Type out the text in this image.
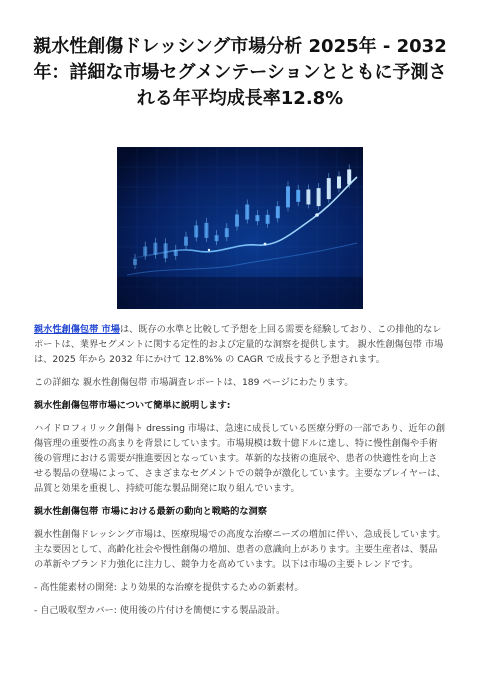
親水性創傷ドレッシング市場分析 2025年 - 2032年：詳細な市場セグメンテーションとともに予測される年平均成長率12.8%

親水性創傷包帯 市場は、既存の水準と比較して予想を上回る需要を経験しており、この排他的なレポートは、業界セグメントに関する定性的および定量的な洞察を提供します。 親水性創傷包帯 市場は、2025 年から 2032 年にかけて 12.8%% の CAGR で成長すると予想されます。

この詳細な 親水性創傷包帯 市場調査レポートは、189 ページにわたります。

親水性創傷包帯市場について簡単に説明します:

ハイドロフィリック創傷ト dressing 市場は、急速に成長している医療分野の一部であり、近年の創傷管理の重要性の高まりを背景にしています。市場規模は数十億ドルに達し、特に慢性創傷や手術後の管理における需要が推進要因となっています。革新的な技術の進展や、患者の快適性を向上させる製品の登場によって、さまざまなセグメントでの競争が激化しています。主要なプレイヤーは、品質と効果を重視し、持続可能な製品開発に取り組んでいます。

親水性創傷包帯 市場における最新の動向と戦略的な洞察

親水性創傷ドレッシング市場は、医療現場での高度な治療ニーズの増加に伴い、急成長しています。主な要因として、高齢化社会や慢性創傷の増加、患者の意識向上があります。主要生産者は、製品の革新やブランド力強化に注力し、競争力を高めています。以下は市場の主要トレンドです。

- 高性能素材の開発: より効果的な治療を提供するための新素材。

- 自己吸収型カバー: 使用後の片付けを簡便にする製品設計。
